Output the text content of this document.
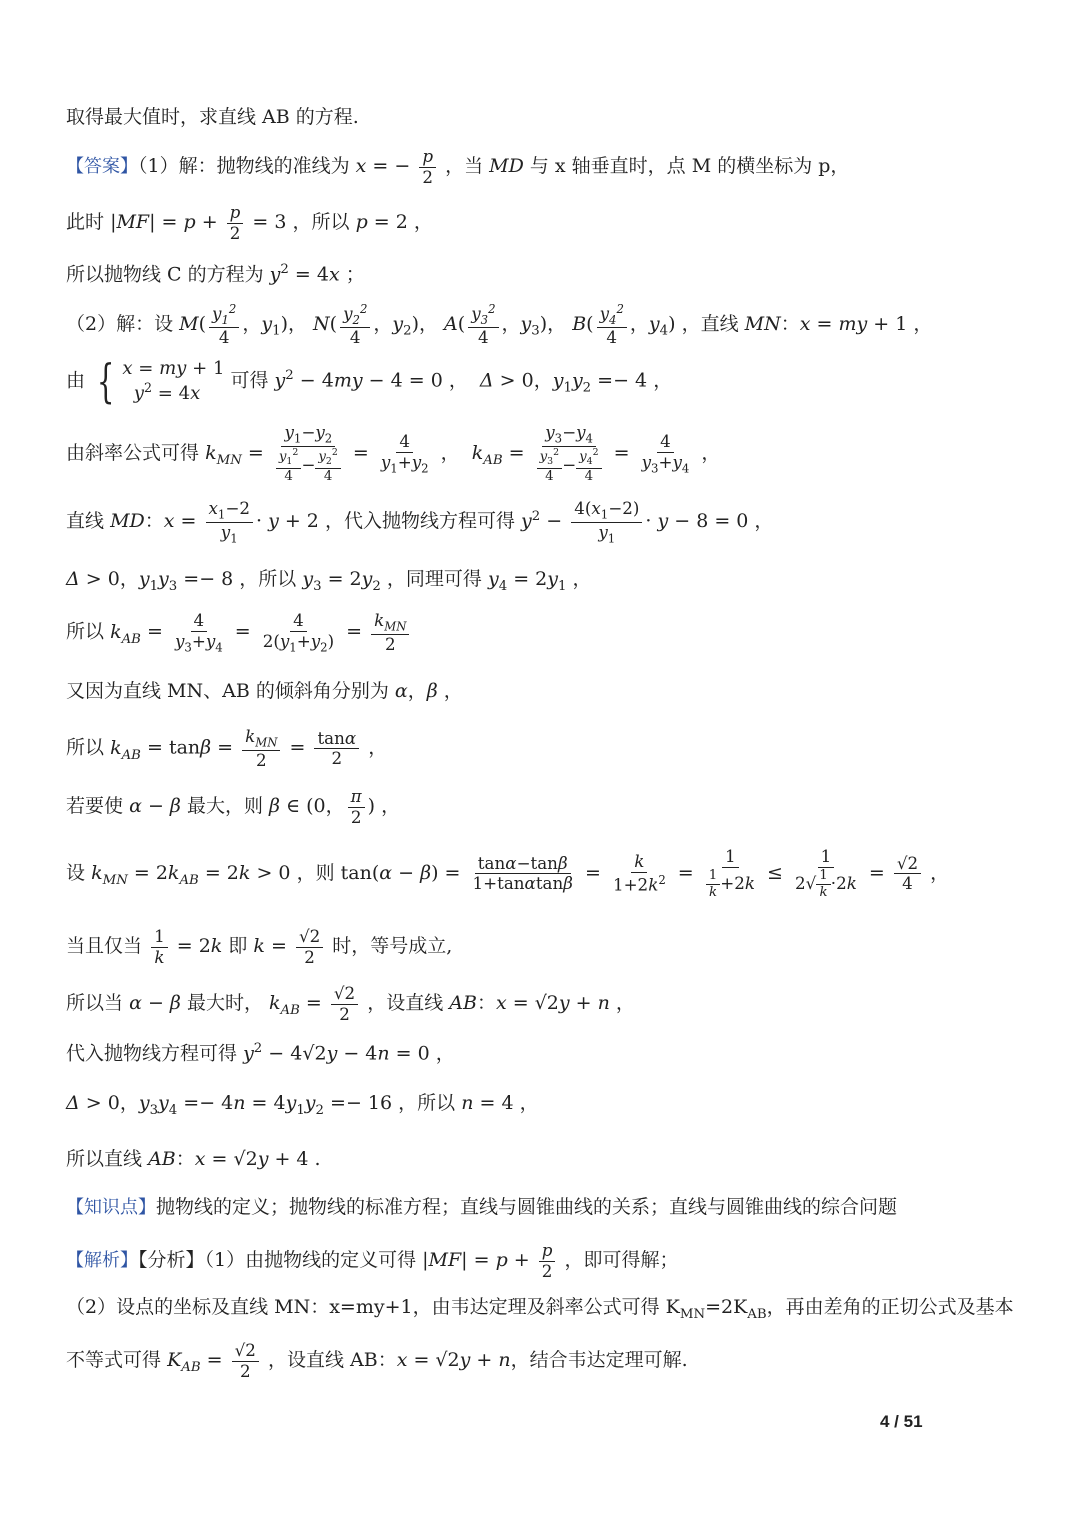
取得最大值时，求直线 AB 的方程.
【答案】（1）解：抛物线的准线为 x = − $\frac{p}{2}$ ，当 MD 与 x 轴垂直时，点 M 的横坐标为 p，
此时 $|MF| = p + \frac{p}{2} = 3$ ，所以 p = 2 ，
所以抛物线 C 的方程为 $y^2 = 4x$ ；
（2）解：设 $M( \frac{y_1^2}{4}$ ，$y_1$)， $N( \frac{y_2^2}{4}$ ，$y_2$)， $A( \frac{y_3^2}{4}$ ，$y_3$)， $B( \frac{y_4^2}{4}$ ，$y_4$) ，直线 MN：x = my + 1 ，
由 { x = my + 1
$y^2 = 4x$
可得 $y^2 - 4my - 4 = 0$ ，  Δ > 0，$y_1y_2 =- 4$ ，
由斜率公式可得 $k_{MN} = \frac{y_1-y_2}{\frac{y_1^2}{4} - \frac{y_2^2}{4}} = \frac{4}{y_1+y_2}$ ，  $k_{AB} = \frac{y_3-y_4}{\frac{y_3^2}{4} - \frac{y_4^2}{4}} = \frac{4}{y_3+y_4}$ ，
直线 MD：$x = \frac{x_1-2}{y_1} \cdot y + 2$ ，代入抛物线方程可得 $y^2 - \frac{4(x_1-2)}{y_1} \cdot y - 8 = 0$ ，
Δ > 0，$y_1y_3 =- 8$ ，所以 $y_3 = 2y_2$ ，同理可得 $y_4 = 2y_1$ ，
所以 $k_{AB} = \frac{4}{y_3+y_4} = \frac{4}{2(y_1+y_2)} = \frac{k_{MN}}{2}$
又因为直线 MN、AB 的倾斜角分别为 α，β ，
所以 $k_{AB} = \tan\beta = \frac{k_{MN}}{2} = \frac{\tan\alpha}{2}$ ，
若要使 α − β 最大，则 β ∈ (0， $\frac{\pi}{2}$ ) ，
设 $k_{MN} = 2k_{AB} = 2k > 0$ ，则 $\tan(\alpha - \beta) = \frac{\tan\alpha-\tan\beta}{1+\tan\alpha\tan\beta} = \frac{k}{1+2k^2} = \frac{1}{\frac{1}{k} +2k} \le \frac{1}{2√ \frac{1}{k} \cdot 2k} = \frac{√2}{4}$ ，
当且仅当 $\frac{1}{k} = 2k$ 即 $k = \frac{√2}{2}$ 时，等号成立,
所以当 α − β 最大时， $k_{AB} = \frac{√2}{2}$ ，设直线 AB：x = √2y + n ，
代入抛物线方程可得 $y^2 - 4√2y - 4n = 0$ ，
Δ > 0，$y_3y_4 =- 4n = 4y_1y_2 =- 16$ ，所以 n = 4 ，
所以直线 AB：x = √2y + 4 .
【知识点】抛物线的定义；抛物线的标准方程；直线与圆锥曲线的关系；直线与圆锥曲线的综合问题
【解析】【分析】（1）由抛物线的定义可得 $|MF| = p + \frac{p}{2}$ ，即可得解；
（2）设点的坐标及直线 MN：x=my+1，由韦达定理及斜率公式可得 $K_{MN}=2K_{AB}$，再由差角的正切公式及基本
不等式可得 $K_{AB} = \frac{√2}{2}$ ，设直线 AB：x = √2y + n，结合韦达定理可解.
4 / 51
